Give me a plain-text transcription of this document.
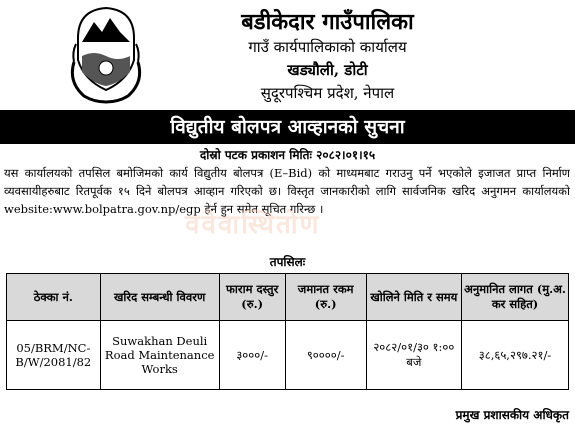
बडीकेदार गाउँपालिका
गाउँ कार्यपालिकाको कार्यालय
खड्यौली, डोटी
सुदूरपश्चिम प्रदेश, नेपाल
विद्युतीय बोलपत्र आव्हानको सुचना
दोस्रो पटक प्रकाशन मितिः २०८२।०१।१५
यस कार्यालयको तपसिल बमोजिमको कार्य विद्युतीय बोलपत्र (E–Bid) को माध्यमबाट गराउनु पर्ने भएकोले इजाजत प्राप्त निर्माण व्यवसायीहरुबाट रितपूर्वक १५ दिने बोलपत्र आव्हान गरिएको छ। विस्तृत जानकारीको लागि सार्वजनिक खरिद अनुगमन कार्यालयको website:www.bolpatra.gov.np/egp हेर्न हुन समेत सूचित गरिन्छ ।
ववेवास्थितोण
तपसिलः
ठेक्का नं.	खरिद सम्बन्धी विवरण	फाराम दस्तुर (रु.)	जमानत रकम (रु.)	खोलिने मिति र समय	अनुमानित लागत (मु.अ. कर सहित)
05/BRM/NC-B/W/2081/82	Suwakhan Deuli Road Maintenance Works	३०००/-	९००००/-	२०८२/०१/३० १:०० बजे	३८,६५,२९७.२१/-
प्रमुख प्रशासकीय अधिकृत
